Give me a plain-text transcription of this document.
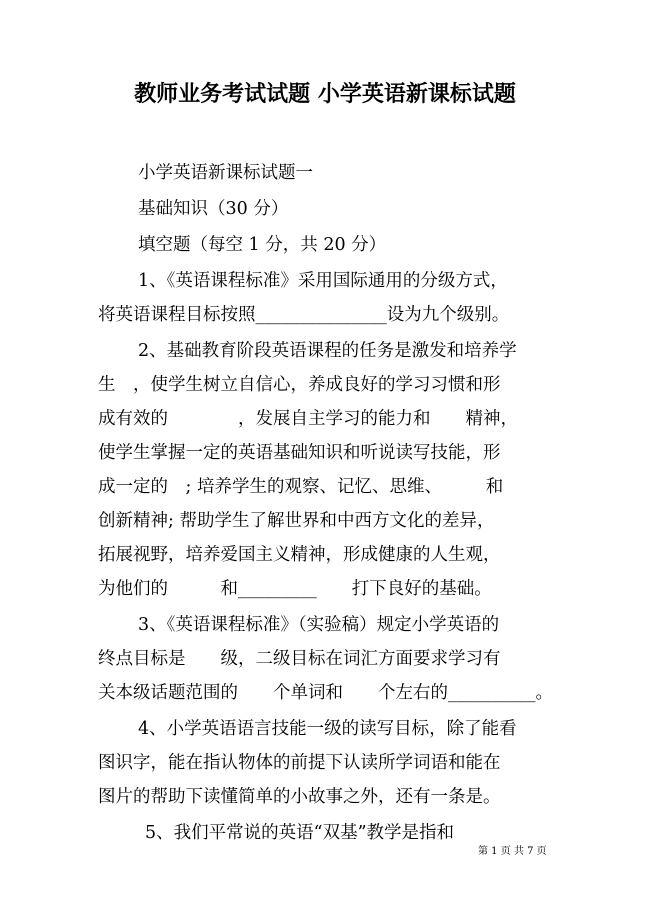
教师业务考试试题 小学英语新课标试题
小学英语新课标试题一
基础知识（30 分）
填空题（每空 1 分，共 20 分）
1、《英语课程标准》采用国际通用的分级方式，
将英语课程目标按照_______________设为九个级别。
2、基础教育阶段英语课程的任务是激发和培养学
生　，使学生树立自信心，养成良好的学习习惯和形
成有效的　　　　，发展自主学习的能力和　　精神，
使学生掌握一定的英语基础知识和听说读写技能，形
成一定的　; 培养学生的观察、记忆、思维、　　　和
创新精神; 帮助学生了解世界和中西方文化的差异，
拓展视野，培养爱国主义精神，形成健康的人生观，
为他们的　　　和_________　　打下良好的基础。
3、《英语课程标准》（实验稿）规定小学英语的
终点目标是　　级，二级目标在词汇方面要求学习有
关本级话题范围的　　个单词和　　个左右的__________。
4、小学英语语言技能一级的读写目标，除了能看
图识字，能在指认物体的前提下认读所学词语和能在
图片的帮助下读懂简单的小故事之外，还有一条是。
5、我们平常说的英语“双基”教学是指和
第 1 页 共 7 页
